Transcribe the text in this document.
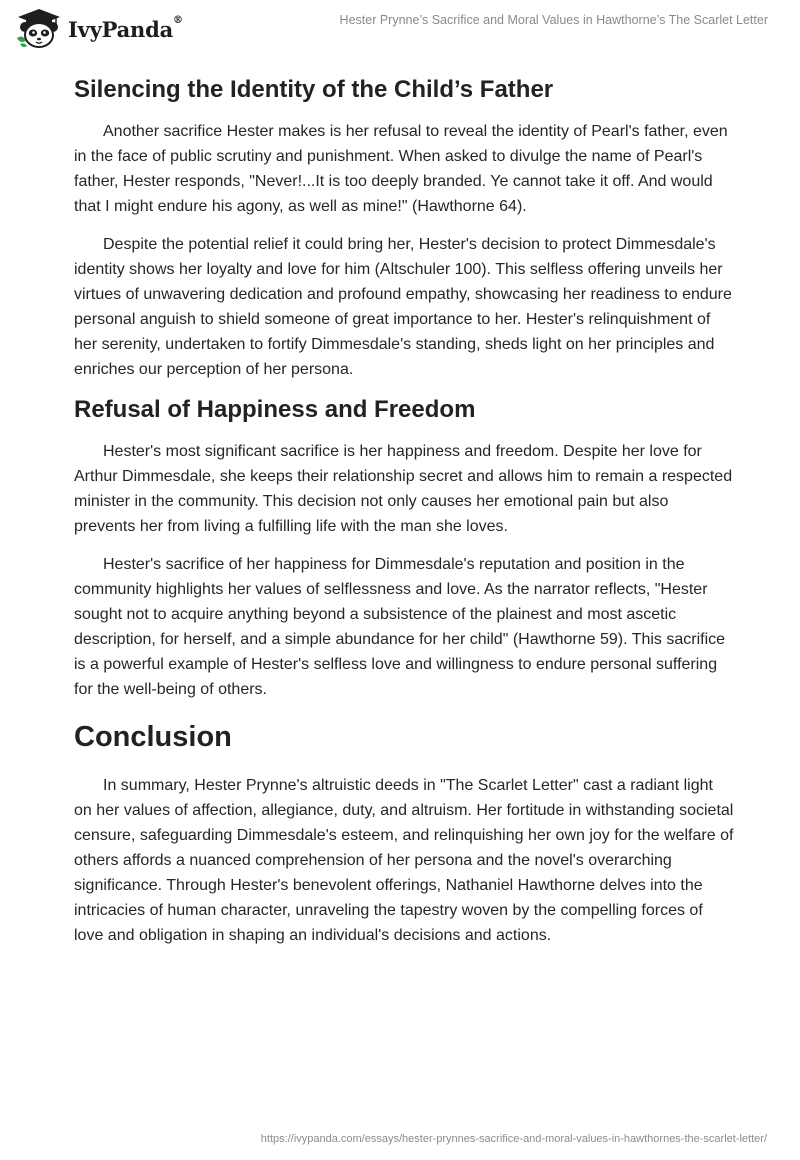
IvyPanda®	Hester Prynne’s Sacrifice and Moral Values in Hawthorne’s The Scarlet Letter
Silencing the Identity of the Child’s Father

Another sacrifice Hester makes is her refusal to reveal the identity of Pearl's father, even in the face of public scrutiny and punishment. When asked to divulge the name of Pearl's father, Hester responds, "Never!...It is too deeply branded. Ye cannot take it off. And would that I might endure his agony, as well as mine!" (Hawthorne 64).

Despite the potential relief it could bring her, Hester's decision to protect Dimmesdale's identity shows her loyalty and love for him (Altschuler 100). This selfless offering unveils her virtues of unwavering dedication and profound empathy, showcasing her readiness to endure personal anguish to shield someone of great importance to her. Hester's relinquishment of her serenity, undertaken to fortify Dimmesdale's standing, sheds light on her principles and enriches our perception of her persona.

Refusal of Happiness and Freedom

Hester's most significant sacrifice is her happiness and freedom. Despite her love for Arthur Dimmesdale, she keeps their relationship secret and allows him to remain a respected minister in the community. This decision not only causes her emotional pain but also prevents her from living a fulfilling life with the man she loves.

Hester's sacrifice of her happiness for Dimmesdale's reputation and position in the community highlights her values of selflessness and love. As the narrator reflects, "Hester sought not to acquire anything beyond a subsistence of the plainest and most ascetic description, for herself, and a simple abundance for her child" (Hawthorne 59). This sacrifice is a powerful example of Hester's selfless love and willingness to endure personal suffering for the well-being of others.

Conclusion

In summary, Hester Prynne's altruistic deeds in "The Scarlet Letter" cast a radiant light on her values of affection, allegiance, duty, and altruism. Her fortitude in withstanding societal censure, safeguarding Dimmesdale's esteem, and relinquishing her own joy for the welfare of others affords a nuanced comprehension of her persona and the novel's overarching significance. Through Hester's benevolent offerings, Nathaniel Hawthorne delves into the intricacies of human character, unraveling the tapestry woven by the compelling forces of love and obligation in shaping an individual's decisions and actions.

https://ivypanda.com/essays/hester-prynnes-sacrifice-and-moral-values-in-hawthornes-the-scarlet-letter/
